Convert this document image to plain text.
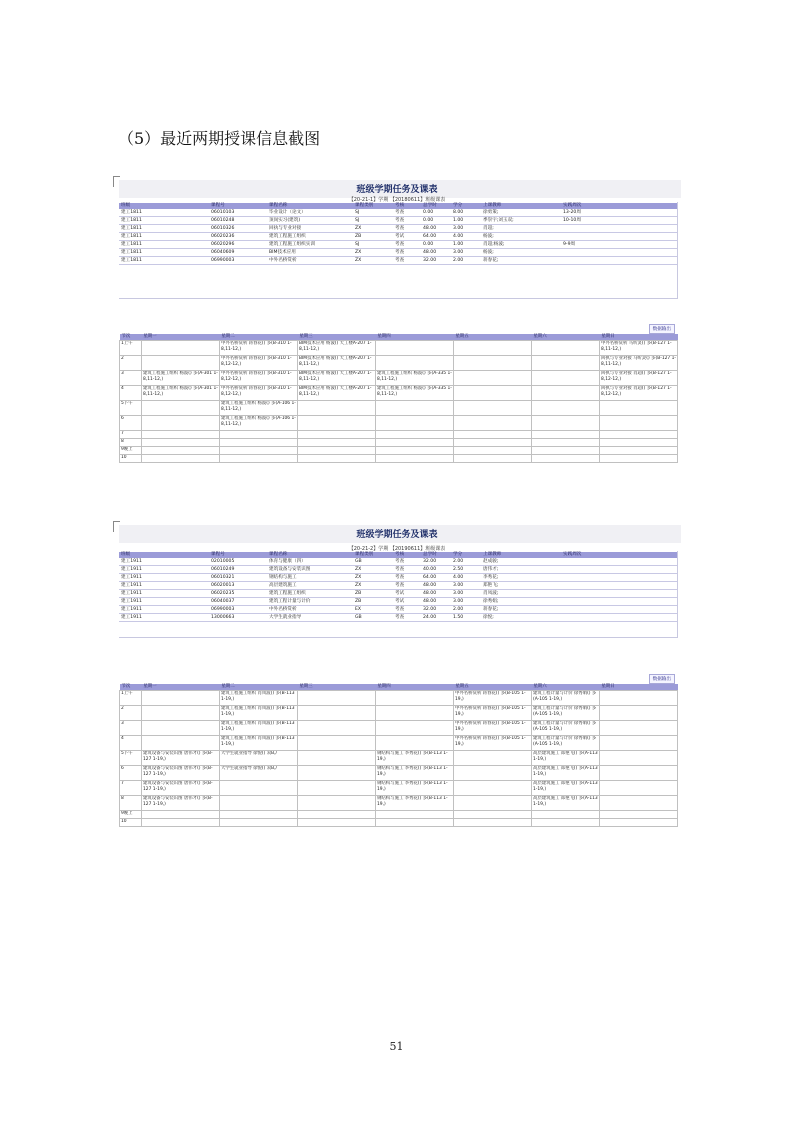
（5）最近两期授课信息截图
班级学期任务及课表
【20-21-1】学期 【20180611】班级课表
班级	课程号	课程名称	课程类别	考核	总学时	学分	上课教师	实践周次
建工1811	06010103	毕业设计（论文）	SJ	考查	0.00	8.00	徐勇策;	13-20周
建工1811	06010248	顶岗实习(建筑)	SJ	考查	0.00	1.00	季崇宇;刘玉双;	10-10周
建工1811	06010326	回执与专业对接	ZX	考查	48.00	3.00	肖超;	
建工1811	06020236	建筑工程施工组织	ZB	考试	64.00	4.00	杨波;	
建工1811	06020296	建筑工程施工组织实训	SJ	考查	0.00	1.00	肖超;杨波;	9-9周
建工1811	06040609	BIM技术应用	ZX	考查	48.00	3.00	杨波;	
建工1811	06990003	中外名桥赏析	ZX	考查	32.00	2.00	蒋春花;	
数据输出
节次	星期一	星期二	星期三	星期四	星期五	星期六	星期日
1上午		中外名桥赏析 蒋春花() 多(B-310 1-8,11-12,)	BIM技术应用 杨波() 天工楼A-207 1-8,11-12,)				中外名桥赏析 马昕灵() 多(B-127 1-8,11-12,)
2		中外名桥赏析 蒋春花() 多(B-310 1-8,12-12,)	BIM技术应用 杨波() 天工楼A-207 1-8,11-12,)				回执与专业对接 马昕灵() 多(B-127 1-8,11-12,)
3	建筑工程施工组织 杨波() 多(A-301 1-8,11-12,)	中外名桥赏析 蒋春花() 多(B-310 1-8,12-12,)	BIM技术应用 杨波() 天工楼A-207 1-8,11-12,)	建筑工程施工组织 杨波() 多(A-335 1-8,11-12,)			回执与专业对接 肖超() 多(B-127 1-8,12-12,)
4	建筑工程施工组织 杨波() 多(A-301 1-8,11-12,)	中外名桥赏析 蒋春花() 多(B-310 1-8,12-12,)	BIM技术应用 杨波() 天工楼A-207 1-8,11-12,)	建筑工程施工组织 杨波() 多(A-335 1-8,11-12,)			回执与专业对接 肖超() 多(B-127 1-8,12-12,)
5下午		建筑工程施工组织 杨波() 多(A-106 1-8,11-12,)					
6		建筑工程施工组织 杨波() 多(A-106 1-8,11-12,)					
7							
8							
9晚上							
10							
班级学期任务及课表
【20-21-2】学期 【20190611】班级课表
班级	课程号	课程名称	课程类别	考核	总学时	学分	上课教师	实践周次
建工1911	02010005	体育与健康（四）	GB	考查	32.00	2.00	赵成骏;	
建工1911	06010249	建筑设备与安装识图	ZX	考查	40.00	2.50	唐伟才;	
建工1911	06010321	钢结构与施工	ZX	考查	64.00	4.00	李秀花;	
建工1911	06020013	高层建筑施工	ZX	考查	48.00	3.00	郑艳飞;	
建工1911	06020235	建筑工程施工组织	ZB	考试	48.00	3.00	肖凤波;	
建工1911	06040037	建筑工程计量与计价	ZB	考试	48.00	3.00	徐秀娟;	
建工1911	06990003	中外名桥赏析	EX	考查	32.00	2.00	蒋春花;	
建工1911	13000663	大学生就业指导	GB	考查	24.00	1.50	徐悦;	
数据输出
节次	星期一	星期二	星期三	星期四	星期五	星期六	星期日
1上午		建筑工程施工组织 肖凤波() 多(B-113 1-19,)			中外名桥赏析 蒋春花() 多(B-105 1-19,)	建筑工程计量与计价 徐秀娟() 多(A-105 1-19,)	
2		建筑工程施工组织 肖凤波() 多(B-113 1-19,)			中外名桥赏析 蒋春花() 多(B-105 1-19,)	建筑工程计量与计价 徐秀娟() 多(A-105 1-19,)	
3		建筑工程施工组织 肖凤波() 多(B-113 1-19,)			中外名桥赏析 蒋春花() 多(B-105 1-19,)	建筑工程计量与计价 徐秀娟() 多(A-105 1-19,)	
4		建筑工程施工组织 肖凤波() 多(B-113 1-19,)			中外名桥赏析 蒋春花() 多(B-105 1-19,)	建筑工程计量与计价 徐秀娟() 多(A-105 1-19,)	
5下午	建筑设备与安装识图 唐伟才() 多(B-127 1-19,)	大学生就业指导 徐悦() 双B,/		钢结构与施工 李秀花() 多(B-113 1-19,)		高层建筑施工 郑艳飞() 多(A-113 1-19,)	
6	建筑设备与安装识图 唐伟才() 多(B-127 1-19,)	大学生就业指导 徐悦() 双B,/		钢结构与施工 李秀花() 多(B-113 1-19,)		高层建筑施工 郑艳飞() 多(A-113 1-19,)	
7	建筑设备与安装识图 唐伟才() 多(B-127 1-19,)			钢结构与施工 李秀花() 多(B-113 1-19,)		高层建筑施工 郑艳飞() 多(A-113 1-19,)	
8	建筑设备与安装识图 唐伟才() 多(B-127 1-19,)			钢结构与施工 李秀花() 多(B-113 1-19,)		高层建筑施工 郑艳飞() 多(A-113 1-19,)	
9晚上							
10							
51
